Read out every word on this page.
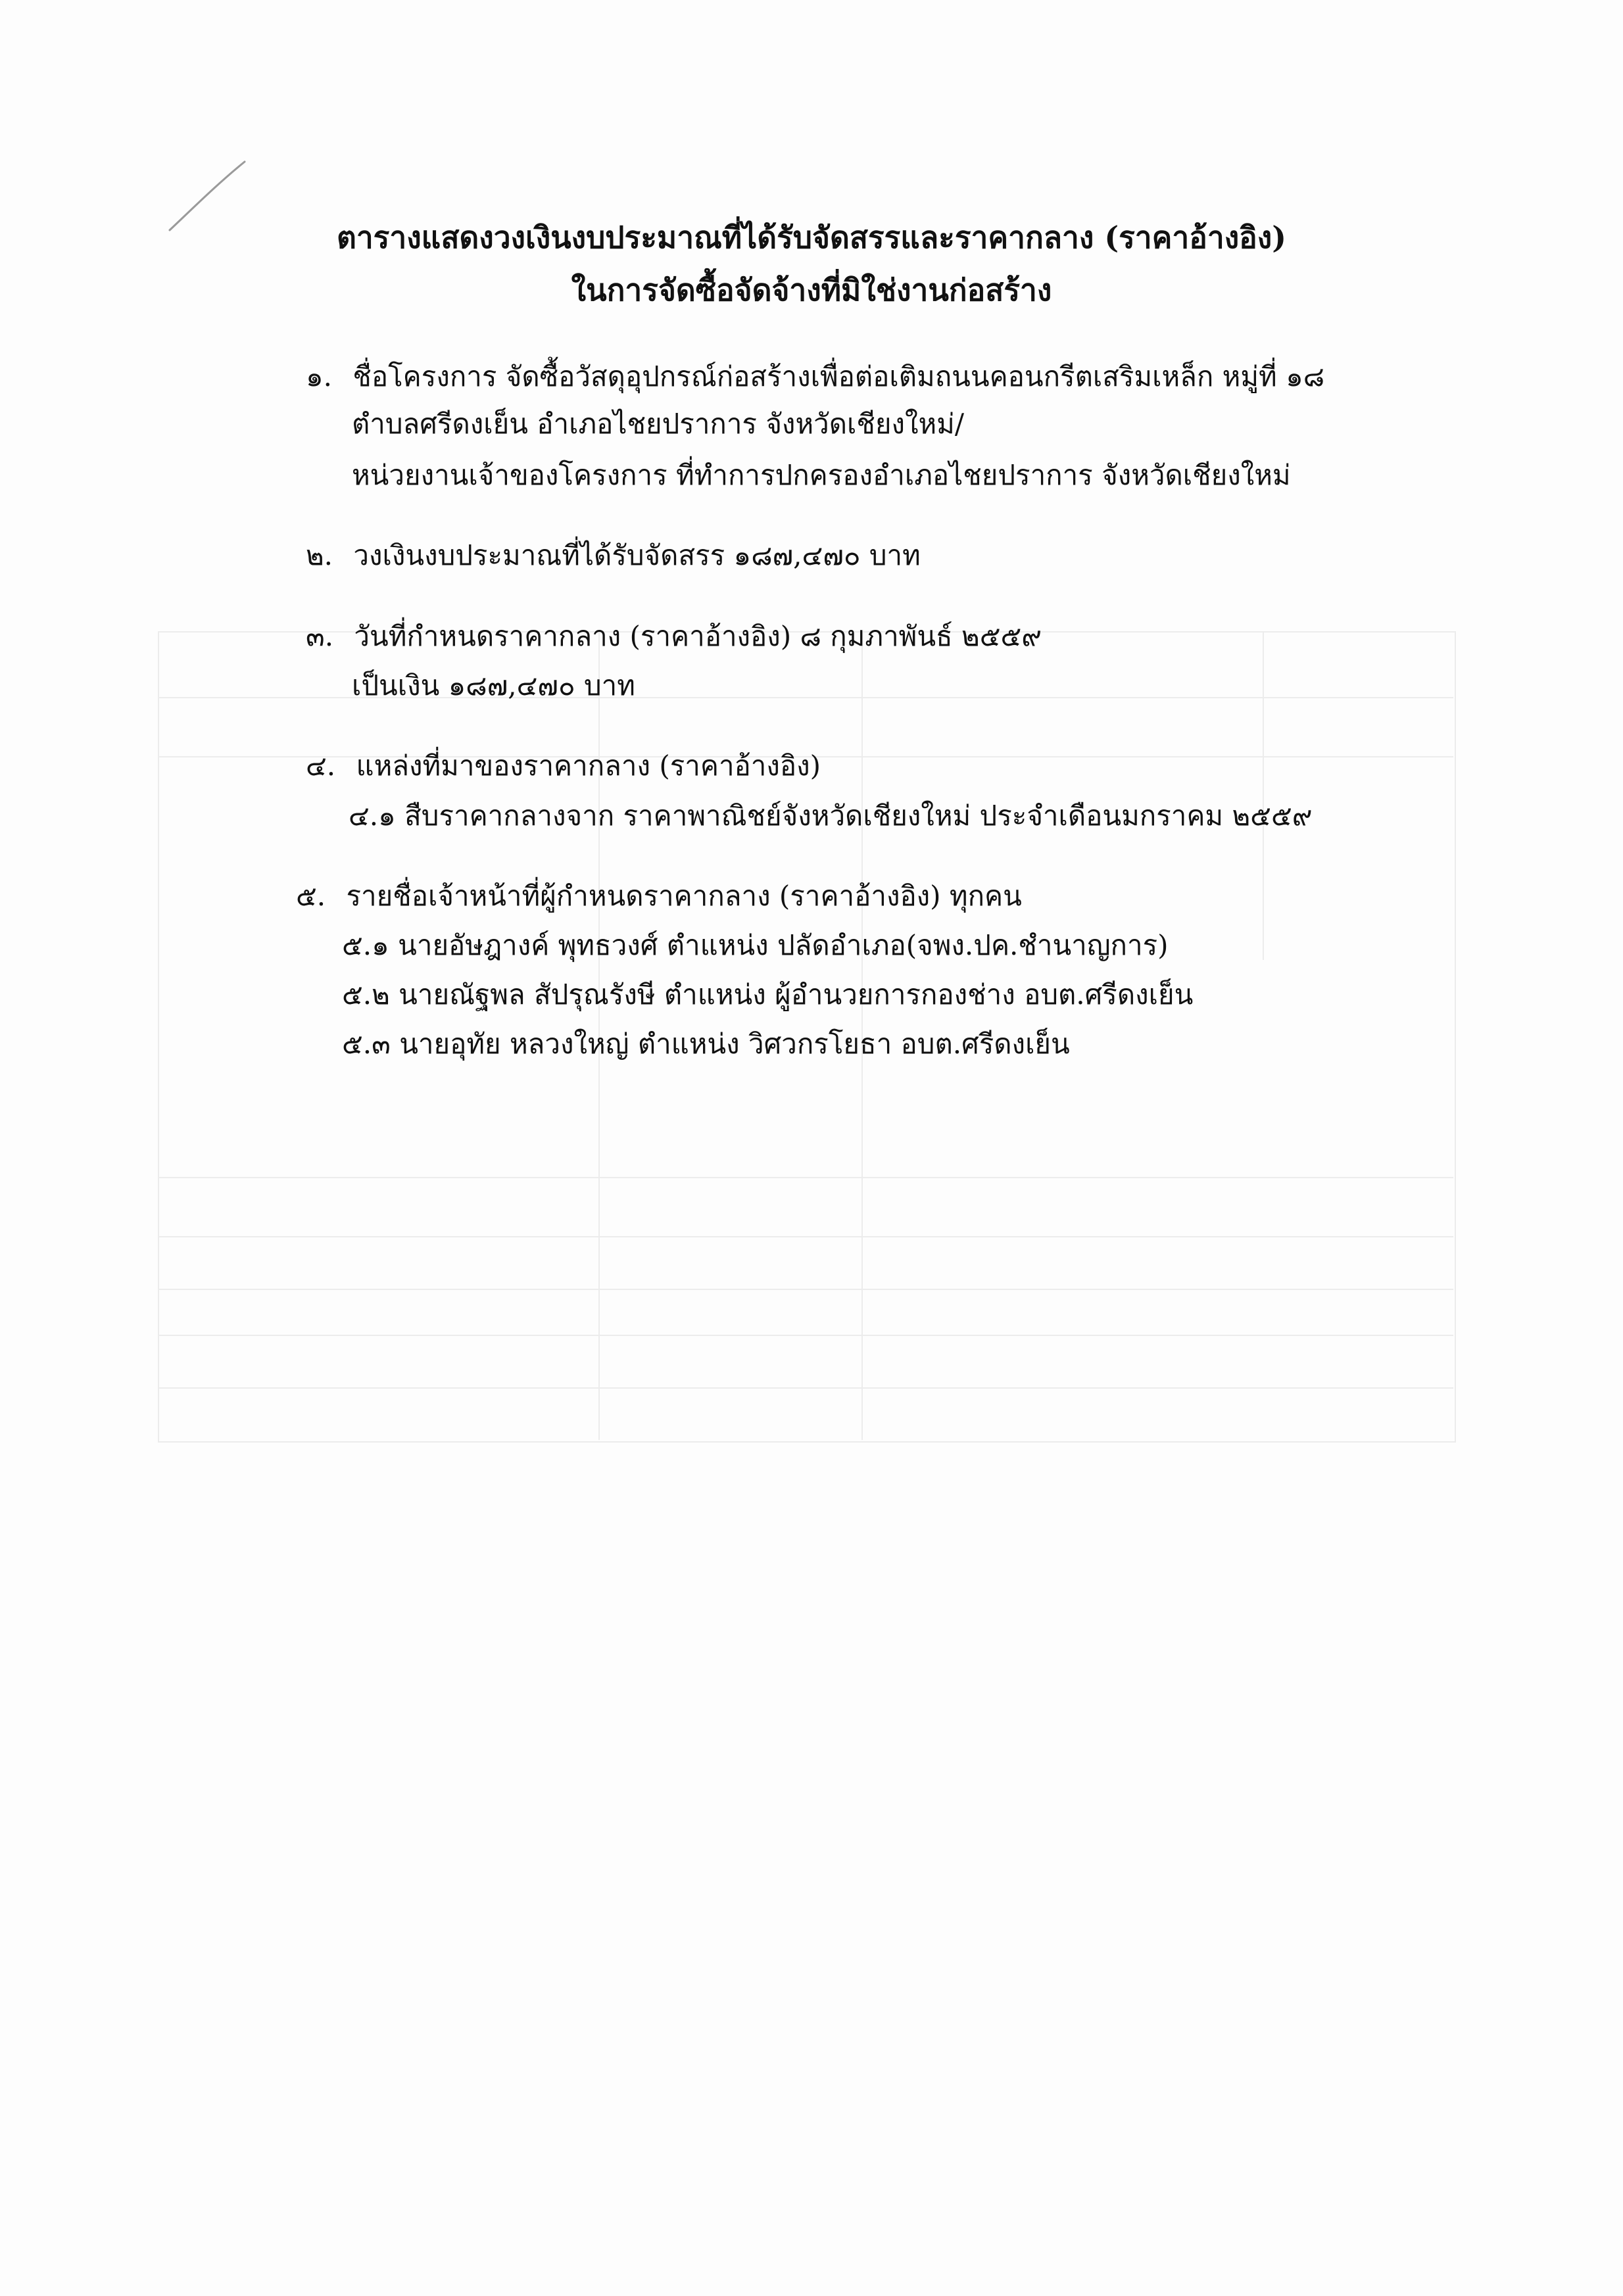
ตารางแสดงวงเงินงบประมาณที่ได้รับจัดสรรและราคากลาง (ราคาอ้างอิง)
ในการจัดซื้อจัดจ้างที่มิใช่งานก่อสร้าง
๑. ชื่อโครงการ จัดซื้อวัสดุอุปกรณ์ก่อสร้างเพื่อต่อเติมถนนคอนกรีตเสริมเหล็ก หมู่ที่ ๑๘
ตำบลศรีดงเย็น อำเภอไชยปราการ จังหวัดเชียงใหม่/
หน่วยงานเจ้าของโครงการ ที่ทำการปกครองอำเภอไชยปราการ จังหวัดเชียงใหม่
๒. วงเงินงบประมาณที่ได้รับจัดสรร ๑๘๗,๔๗๐ บาท
๓. วันที่กำหนดราคากลาง (ราคาอ้างอิง) ๘ กุมภาพันธ์ ๒๕๕๙
เป็นเงิน ๑๘๗,๔๗๐ บาท
๔. แหล่งที่มาของราคากลาง (ราคาอ้างอิง)
๔.๑ สืบราคากลางจาก ราคาพาณิชย์จังหวัดเชียงใหม่ ประจำเดือนมกราคม ๒๕๕๙
๕. รายชื่อเจ้าหน้าที่ผู้กำหนดราคากลาง (ราคาอ้างอิง) ทุกคน
๕.๑ นายอัษฎางค์ พุทธวงศ์ ตำแหน่ง ปลัดอำเภอ(จพง.ปค.ชำนาญการ)
๕.๒ นายณัฐพล สัปรุณรังษี ตำแหน่ง ผู้อำนวยการกองช่าง อบต.ศรีดงเย็น
๕.๓ นายอุทัย หลวงใหญ่ ตำแหน่ง วิศวกรโยธา อบต.ศรีดงเย็น
